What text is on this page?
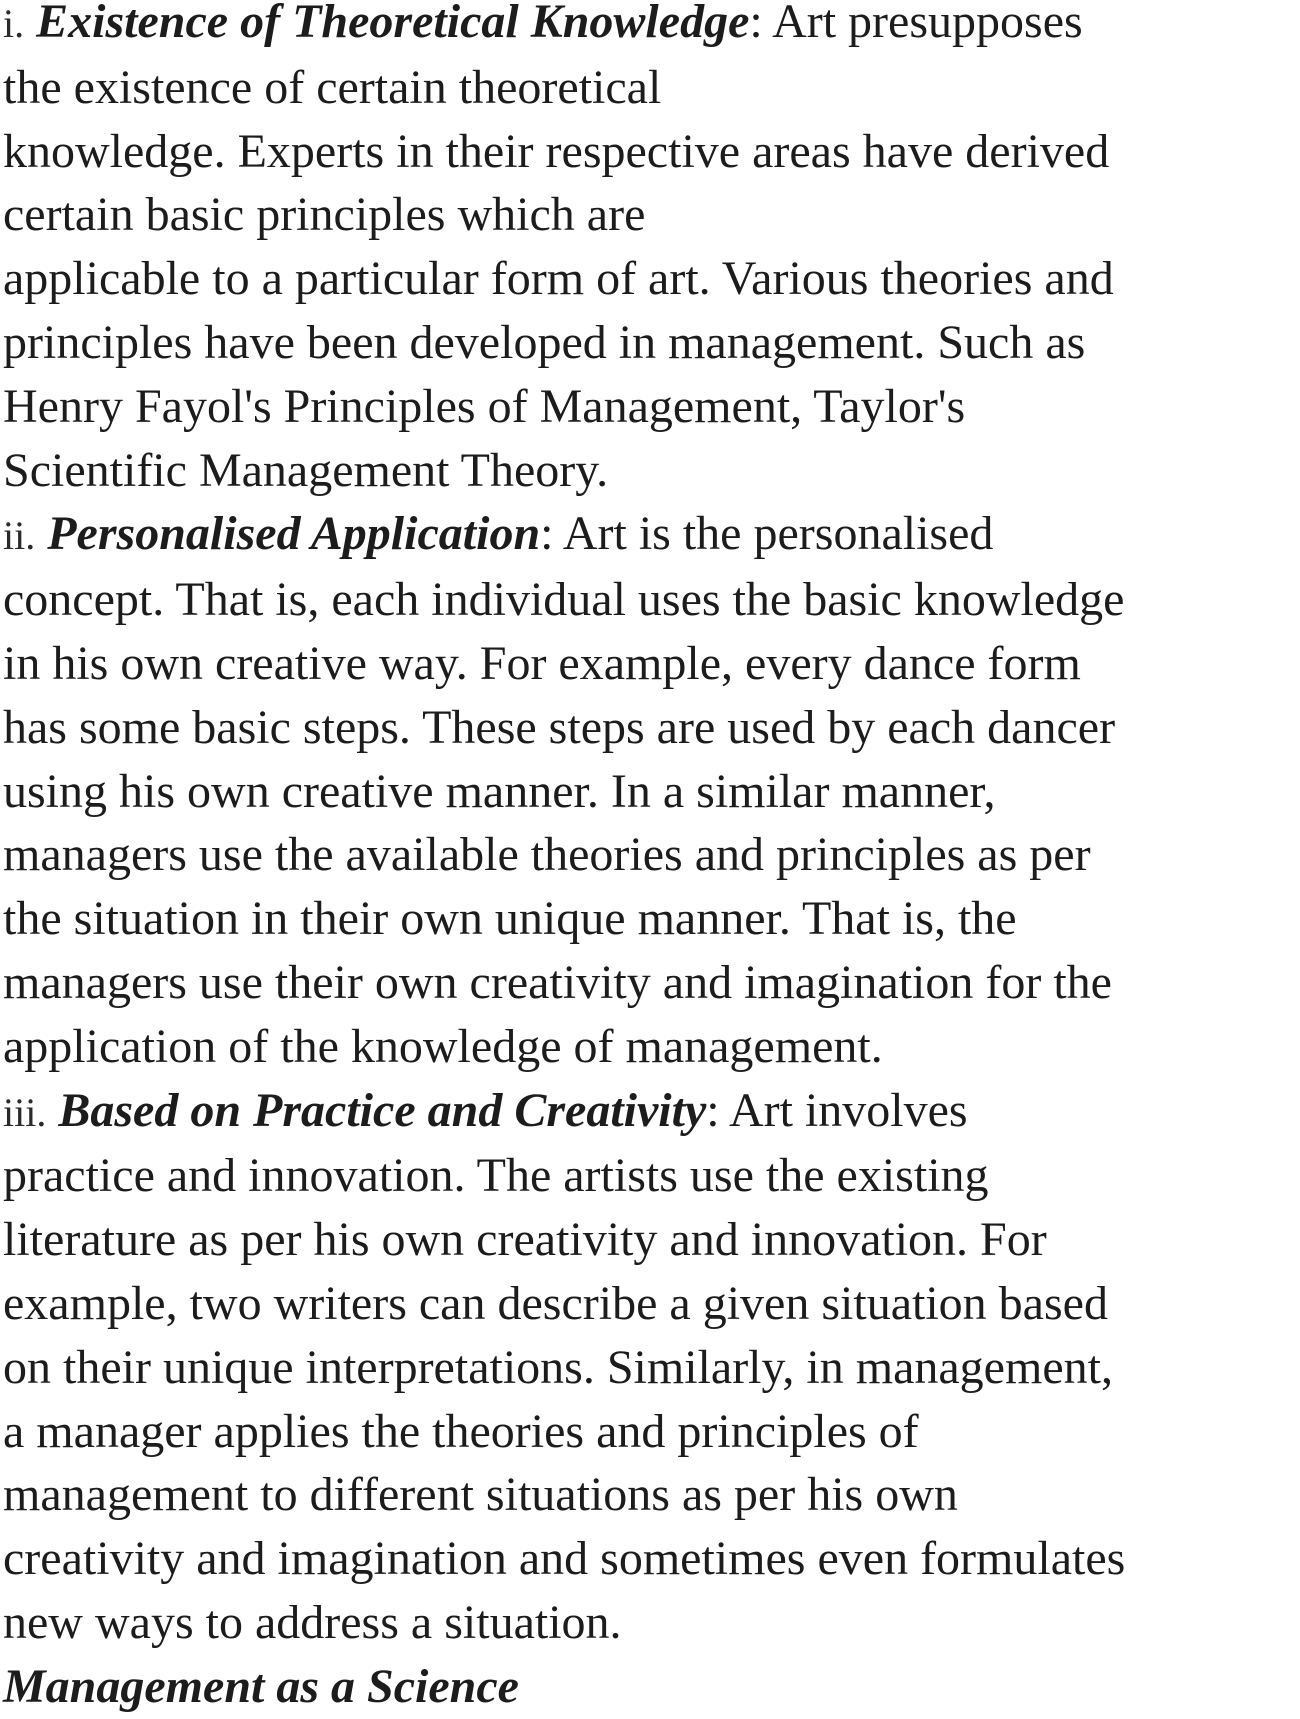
i. Existence of Theoretical Knowledge: Art presupposes
the existence of certain theoretical
knowledge. Experts in their respective areas have derived
certain basic principles which are
applicable to a particular form of art. Various theories and
principles have been developed in management. Such as
Henry Fayol's Principles of Management, Taylor's
Scientific Management Theory.
ii. Personalised Application: Art is the personalised
concept. That is, each individual uses the basic knowledge
in his own creative way. For example, every dance form
has some basic steps. These steps are used by each dancer
using his own creative manner. In a similar manner,
managers use the available theories and principles as per
the situation in their own unique manner. That is, the
managers use their own creativity and imagination for the
application of the knowledge of management.
iii. Based on Practice and Creativity: Art involves
practice and innovation. The artists use the existing
literature as per his own creativity and innovation. For
example, two writers can describe a given situation based
on their unique interpretations. Similarly, in management,
a manager applies the theories and principles of
management to different situations as per his own
creativity and imagination and sometimes even formulates
new ways to address a situation.
Management as a Science
